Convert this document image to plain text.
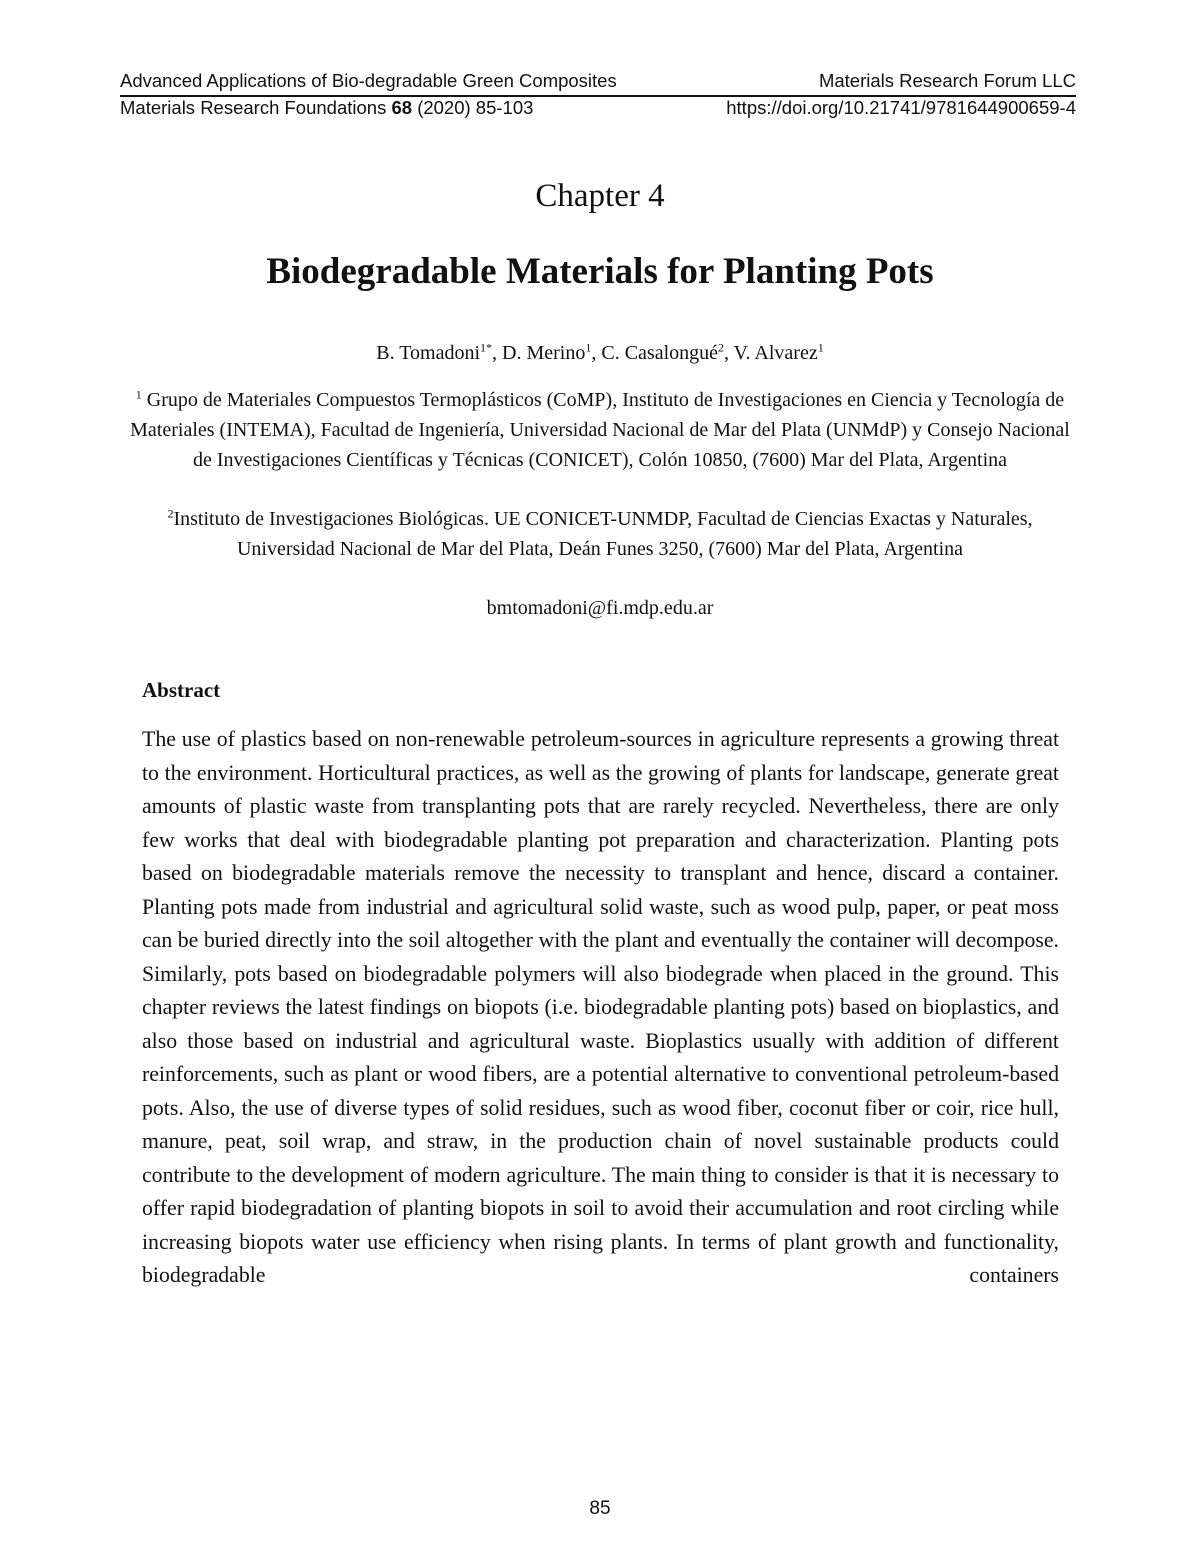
Advanced Applications of Bio-degradable Green Composites	Materials Research Forum LLC
Materials Research Foundations 68 (2020) 85-103	https://doi.org/10.21741/9781644900659-4
Chapter 4
Biodegradable Materials for Planting Pots
B. Tomadoni$^{1*}$, D. Merino$^1$, C. Casalongué$^2$, V. Alvarez$^1$
$^1$ Grupo de Materiales Compuestos Termoplásticos (CoMP), Instituto de Investigaciones en Ciencia y Tecnología de Materiales (INTEMA), Facultad de Ingeniería, Universidad Nacional de Mar del Plata (UNMdP) y Consejo Nacional de Investigaciones Científicas y Técnicas (CONICET), Colón 10850, (7600) Mar del Plata, Argentina
$^2$Instituto de Investigaciones Biológicas. UE CONICET-UNMDP, Facultad de Ciencias Exactas y Naturales, Universidad Nacional de Mar del Plata, Deán Funes 3250, (7600) Mar del Plata, Argentina
bmtomadoni@fi.mdp.edu.ar
Abstract

The use of plastics based on non-renewable petroleum-sources in agriculture represents a growing threat to the environment. Horticultural practices, as well as the growing of plants for landscape, generate great amounts of plastic waste from transplanting pots that are rarely recycled. Nevertheless, there are only few works that deal with biodegradable planting pot preparation and characterization. Planting pots based on biodegradable materials remove the necessity to transplant and hence, discard a container. Planting pots made from industrial and agricultural solid waste, such as wood pulp, paper, or peat moss can be buried directly into the soil altogether with the plant and eventually the container will decompose. Similarly, pots based on biodegradable polymers will also biodegrade when placed in the ground. This chapter reviews the latest findings on biopots (i.e. biodegradable planting pots) based on bioplastics, and also those based on industrial and agricultural waste. Bioplastics usually with addition of different reinforcements, such as plant or wood fibers, are a potential alternative to conventional petroleum-based pots. Also, the use of diverse types of solid residues, such as wood fiber, coconut fiber or coir, rice hull, manure, peat, soil wrap, and straw, in the production chain of novel sustainable products could contribute to the development of modern agriculture. The main thing to consider is that it is necessary to offer rapid biodegradation of planting biopots in soil to avoid their accumulation and root circling while increasing biopots water use efficiency when rising plants. In terms of plant growth and functionality, biodegradable containers

85
